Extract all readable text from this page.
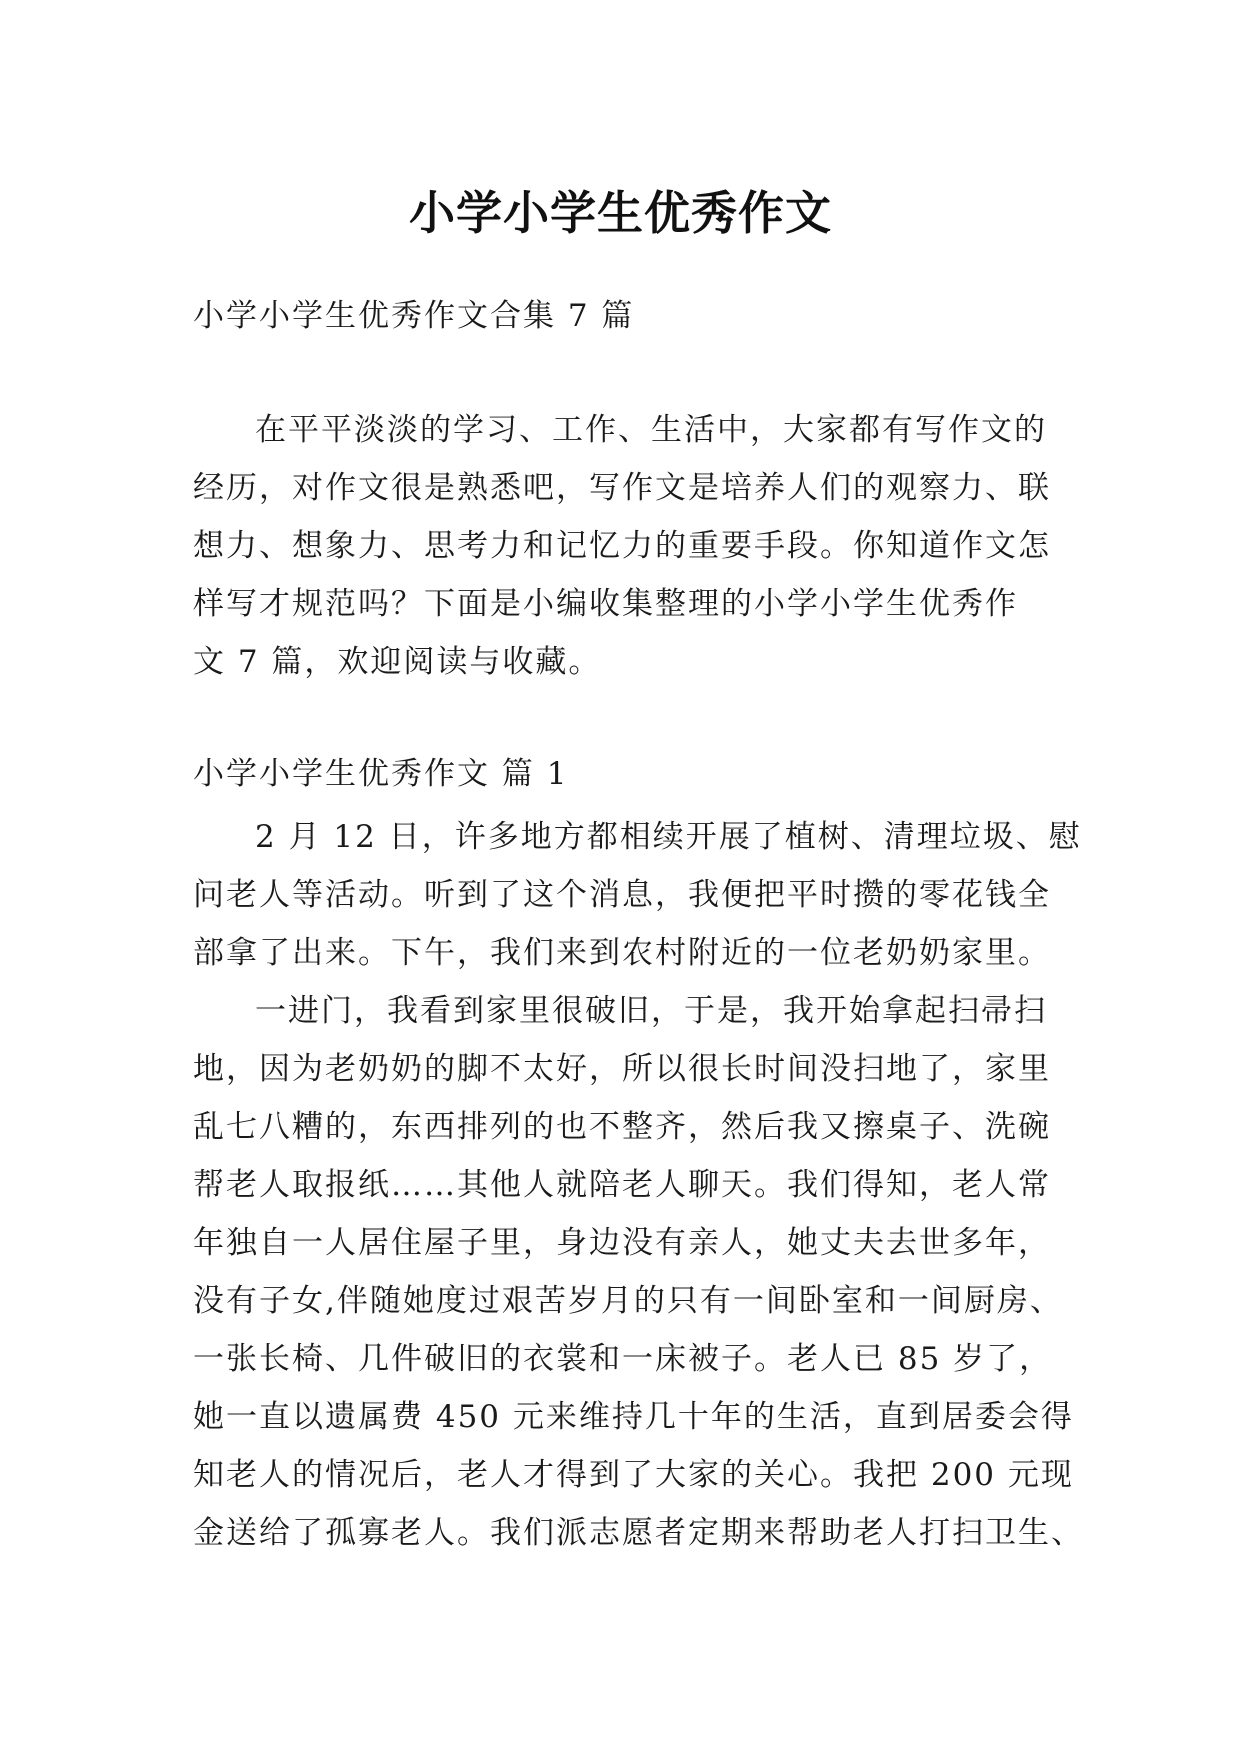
小学小学生优秀作文
小学小学生优秀作文合集 7 篇
在平平淡淡的学习、工作、生活中，大家都有写作文的
经历，对作文很是熟悉吧，写作文是培养人们的观察力、联
想力、想象力、思考力和记忆力的重要手段。你知道作文怎
样写才规范吗？下面是小编收集整理的小学小学生优秀作
文 7 篇，欢迎阅读与收藏。
小学小学生优秀作文 篇 1
2 月 12 日，许多地方都相续开展了植树、清理垃圾、慰
问老人等活动。听到了这个消息，我便把平时攒的零花钱全
部拿了出来。下午，我们来到农村附近的一位老奶奶家里。
一进门，我看到家里很破旧，于是，我开始拿起扫帚扫
地，因为老奶奶的脚不太好，所以很长时间没扫地了，家里
乱七八糟的，东西排列的也不整齐，然后我又擦桌子、洗碗
帮老人取报纸……其他人就陪老人聊天。我们得知，老人常
年独自一人居住屋子里，身边没有亲人，她丈夫去世多年，
没有子女,伴随她度过艰苦岁月的只有一间卧室和一间厨房、
一张长椅、几件破旧的衣裳和一床被子。老人已 85 岁了，
她一直以遗属费 450 元来维持几十年的生活，直到居委会得
知老人的情况后，老人才得到了大家的关心。我把 200 元现
金送给了孤寡老人。我们派志愿者定期来帮助老人打扫卫生、
